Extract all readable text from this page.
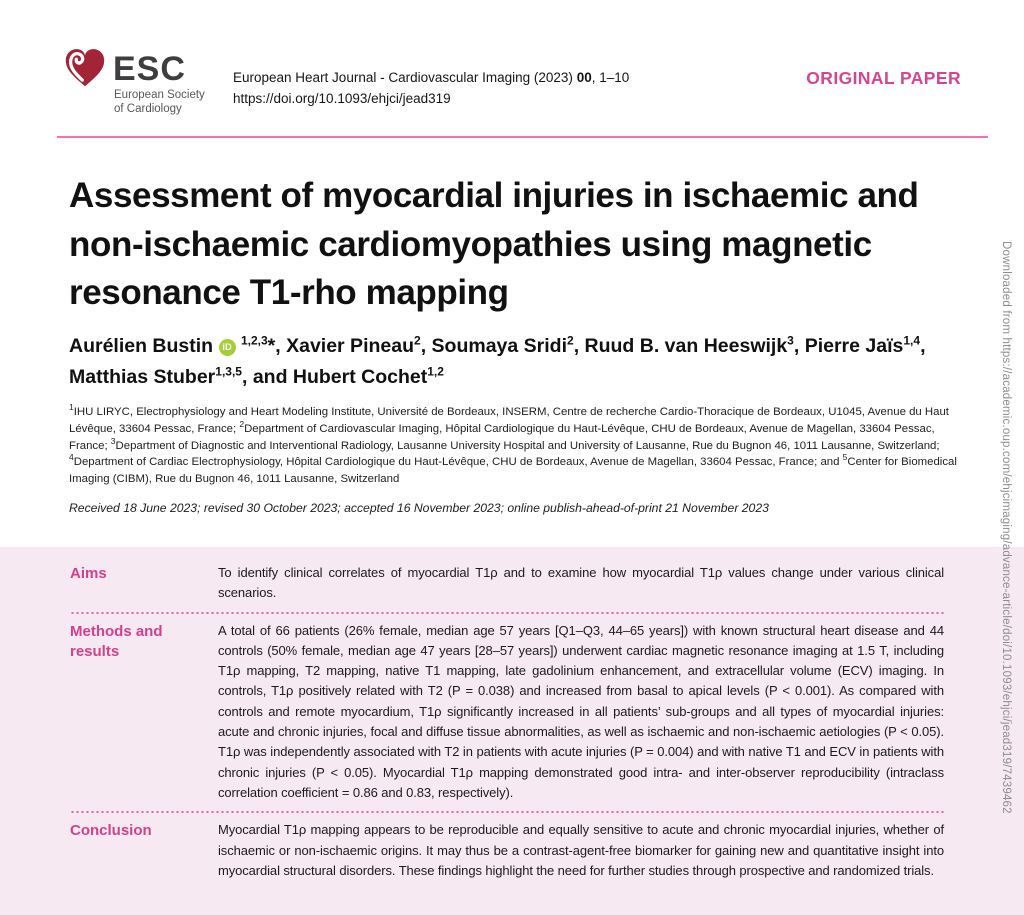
ESC
European Society
of Cardiology
European Heart Journal - Cardiovascular Imaging (2023) 00, 1–10
https://doi.org/10.1093/ehjci/jead319
ORIGINAL PAPER
Assessment of myocardial injuries in ischaemic and non-ischaemic cardiomyopathies using magnetic resonance T1-rho mapping
Aurélien Bustin iD $^{1,2,3}$*, Xavier Pineau$^2$, Soumaya Sridi$^2$, Ruud B. van Heeswijk$^3$, Pierre Jaïs$^{1,4}$, Matthias Stuber$^{1,3,5}$, and Hubert Cochet$^{1,2}$
$^1$IHU LIRYC, Electrophysiology and Heart Modeling Institute, Université de Bordeaux, INSERM, Centre de recherche Cardio-Thoracique de Bordeaux, U1045, Avenue du Haut Lévêque, 33604 Pessac, France; $^2$Department of Cardiovascular Imaging, Hôpital Cardiologique du Haut-Lévêque, CHU de Bordeaux, Avenue de Magellan, 33604 Pessac, France; $^3$Department of Diagnostic and Interventional Radiology, Lausanne University Hospital and University of Lausanne, Rue du Bugnon 46, 1011 Lausanne, Switzerland; $^4$Department of Cardiac Electrophysiology, Hôpital Cardiologique du Haut-Lévêque, CHU de Bordeaux, Avenue de Magellan, 33604 Pessac, France; and $^5$Center for Biomedical Imaging (CIBM), Rue du Bugnon 46, 1011 Lausanne, Switzerland
Received 18 June 2023; revised 30 October 2023; accepted 16 November 2023; online publish-ahead-of-print 21 November 2023
Aims	To identify clinical correlates of myocardial T1ρ and to examine how myocardial T1ρ values change under various clinical scenarios.
Methods and results
A total of 66 patients (26% female, median age 57 years [Q1–Q3, 44–65 years]) with known structural heart disease and 44 controls (50% female, median age 47 years [28–57 years]) underwent cardiac magnetic resonance imaging at 1.5 T, including T1ρ mapping, T2 mapping, native T1 mapping, late gadolinium enhancement, and extracellular volume (ECV) imaging. In controls, T1ρ positively related with T2 (P = 0.038) and increased from basal to apical levels (P < 0.001). As compared with controls and remote myocardium, T1ρ significantly increased in all patients’ sub-groups and all types of myocardial injuries: acute and chronic injuries, focal and diffuse tissue abnormalities, as well as ischaemic and non-ischaemic aetiologies (P < 0.05). T1ρ was independently associated with T2 in patients with acute injuries (P = 0.004) and with native T1 and ECV in patients with chronic injuries (P < 0.05). Myocardial T1ρ mapping demonstrated good intra- and inter-observer reproducibility (intraclass correlation coefficient = 0.86 and 0.83, respectively).
Conclusion	Myocardial T1ρ mapping appears to be reproducible and equally sensitive to acute and chronic myocardial injuries, whether of ischaemic or non-ischaemic origins. It may thus be a contrast-agent-free biomarker for gaining new and quantitative insight into myocardial structural disorders. These findings highlight the need for further studies through prospective and randomized trials.
Downloaded from https://academic.oup.com/ehjcimaging/advance-article/doi/10.1093/ehjci/jead319/7439462
